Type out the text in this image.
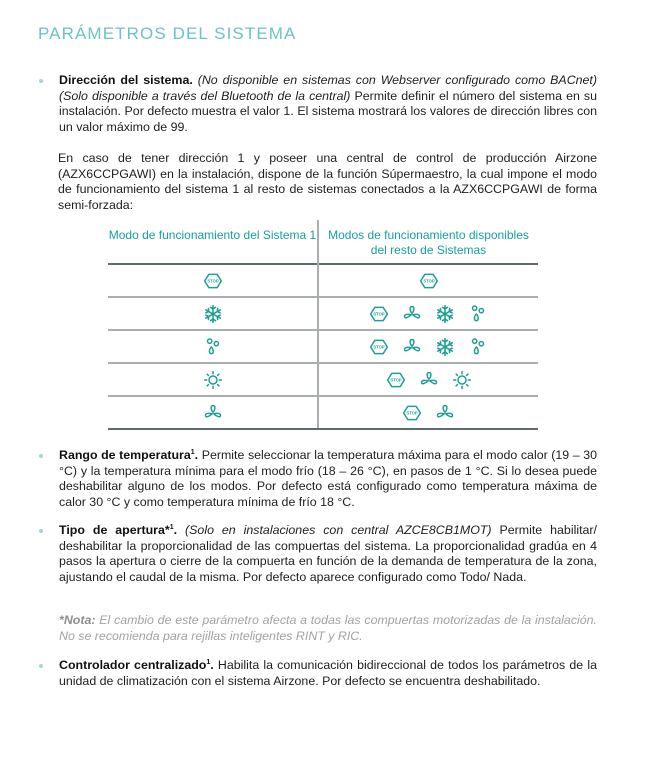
PARÁMETROS DEL SISTEMA
Dirección del sistema. (No disponible en sistemas con Webserver configurado como BACnet) (Solo disponible a través del Bluetooth de la central) Permite definir el número del sistema en su instalación. Por defecto muestra el valor 1. El sistema mostrará los valores de dirección libres con un valor máximo de 99.
En caso de tener dirección 1 y poseer una central de control de producción Airzone (AZX6CCPGAWI) en la instalación, dispone de la función Súpermaestro, la cual impone el modo de funcionamiento del sistema 1 al resto de sistemas conectados a la AZX6CCPGAWI de forma semi-forzada:
Modo de funcionamiento del Sistema 1 Modos de funcionamiento disponibles del resto de Sistemas
STOP	STOP
STOP
STOP
STOP
STOP
Rango de temperatura$^1$. Permite seleccionar la temperatura máxima para el modo calor (19 – 30 °C) y la temperatura mínima para el modo frío (18 – 26 °C), en pasos de 1 °C. Si lo desea puede deshabilitar alguno de los modos. Por defecto está configurado como temperatura máxima de calor 30 °C y como temperatura mínima de frío 18 °C.
Tipo de apertura*$^1$. (Solo en instalaciones con central AZCE8CB1MOT) Permite habilitar/ deshabilitar la proporcionalidad de las compuertas del sistema. La proporcionalidad gradúa en 4 pasos la apertura o cierre de la compuerta en función de la demanda de temperatura de la zona, ajustando el caudal de la misma. Por defecto aparece configurado como Todo/ Nada.
*Nota: El cambio de este parámetro afecta a todas las compuertas motorizadas de la instalación. No se recomienda para rejillas inteligentes RINT y RIC.
Controlador centralizado$^1$. Habilita la comunicación bidireccional de todos los parámetros de la unidad de climatización con el sistema Airzone. Por defecto se encuentra deshabilitado.
